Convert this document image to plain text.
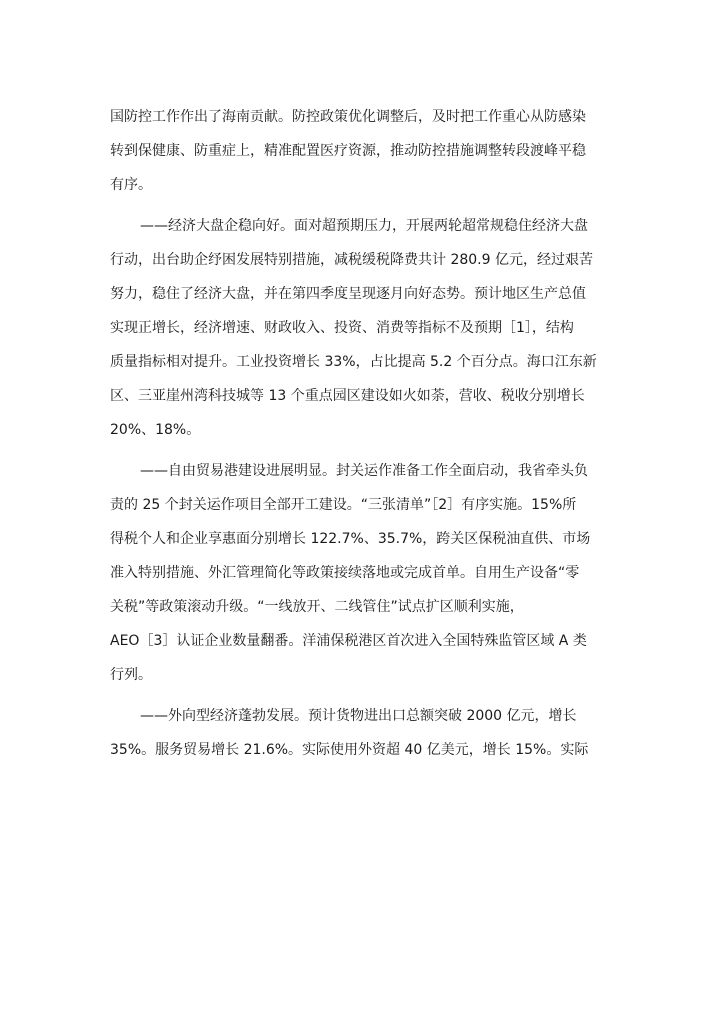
国防控工作作出了海南贡献。防控政策优化调整后，及时把工作重心从防感染
转到保健康、防重症上，精准配置医疗资源，推动防控措施调整转段渡峰平稳
有序。
——经济大盘企稳向好。面对超预期压力，开展两轮超常规稳住经济大盘
行动，出台助企纾困发展特别措施，减税缓税降费共计 280.9 亿元，经过艰苦
努力，稳住了经济大盘，并在第四季度呈现逐月向好态势。预计地区生产总值
实现正增长，经济增速、财政收入、投资、消费等指标不及预期［1］，结构
质量指标相对提升。工业投资增长 33%，占比提高 5.2 个百分点。海口江东新
区、三亚崖州湾科技城等 13 个重点园区建设如火如荼，营收、税收分别增长
20%、18%。
——自由贸易港建设进展明显。封关运作准备工作全面启动，我省牵头负
责的 25 个封关运作项目全部开工建设。“三张清单”［2］有序实施。15%所
得税个人和企业享惠面分别增长 122.7%、35.7%，跨关区保税油直供、市场
准入特别措施、外汇管理简化等政策接续落地或完成首单。自用生产设备“零
关税”等政策滚动升级。“一线放开、二线管住”试点扩区顺利实施，
AEO［3］认证企业数量翻番。洋浦保税港区首次进入全国特殊监管区域 A 类
行列。
——外向型经济蓬勃发展。预计货物进出口总额突破 2000 亿元，增长
35%。服务贸易增长 21.6%。实际使用外资超 40 亿美元，增长 15%。实际
